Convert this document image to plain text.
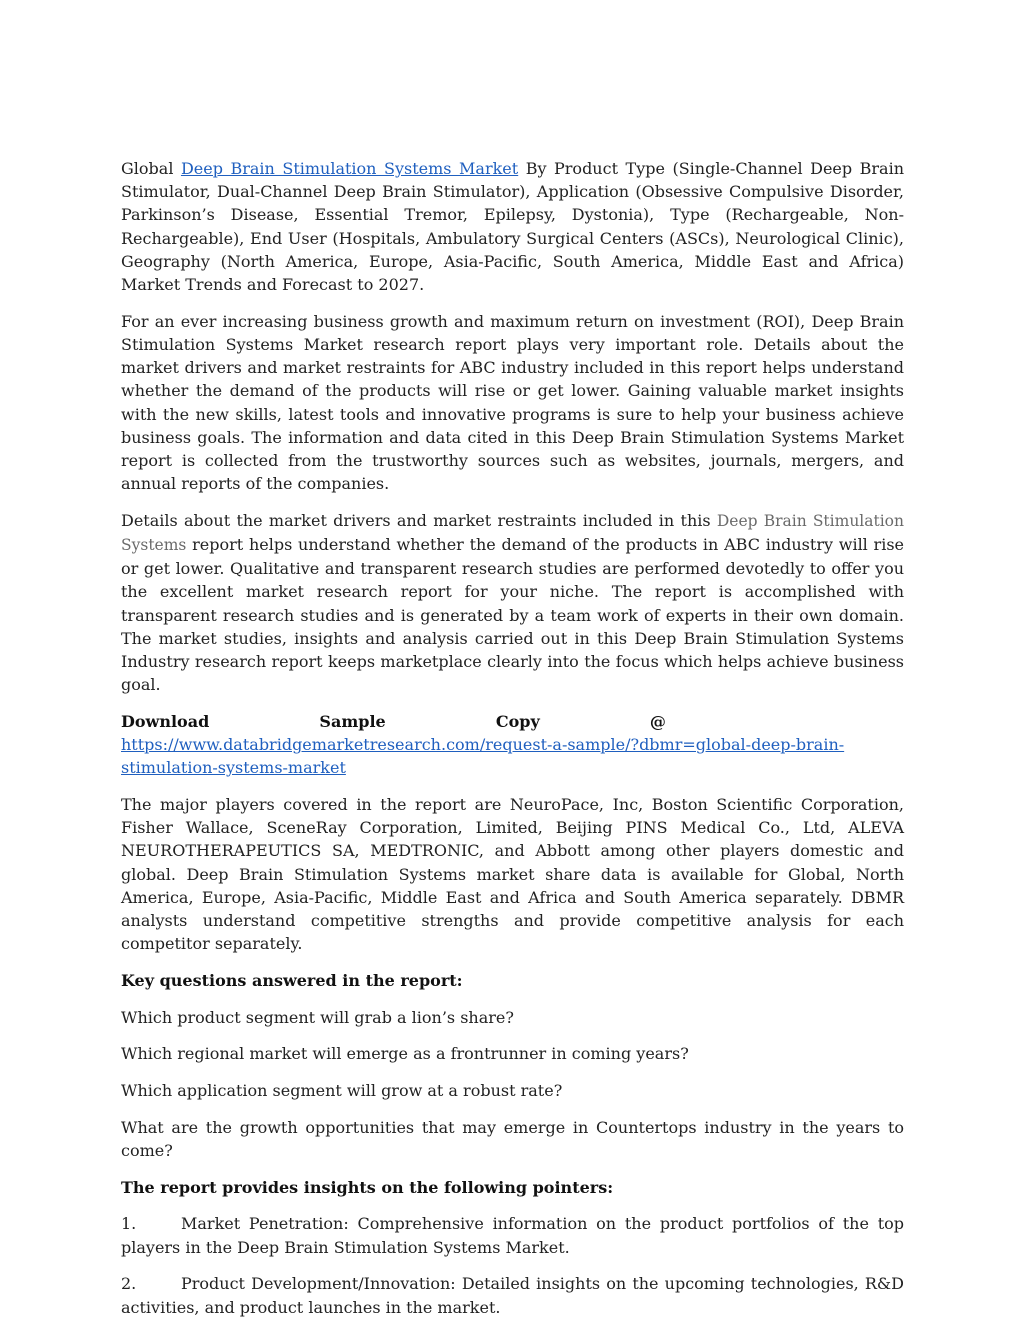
Global Deep Brain Stimulation Systems Market By Product Type (Single-Channel Deep Brain Stimulator, Dual-Channel Deep Brain Stimulator), Application (Obsessive Compulsive Disorder, Parkinson’s Disease, Essential Tremor, Epilepsy, Dystonia), Type (Rechargeable, Non-Rechargeable), End User (Hospitals, Ambulatory Surgical Centers (ASCs), Neurological Clinic), Geography (North America, Europe, Asia-Pacific, South America, Middle East and Africa) Market Trends and Forecast to 2027.

For an ever increasing business growth and maximum return on investment (ROI), Deep Brain Stimulation Systems Market research report plays very important role. Details about the market drivers and market restraints for ABC industry included in this report helps understand whether the demand of the products will rise or get lower. Gaining valuable market insights with the new skills, latest tools and innovative programs is sure to help your business achieve business goals. The information and data cited in this Deep Brain Stimulation Systems Market report is collected from the trustworthy sources such as websites, journals, mergers, and annual reports of the companies.

Details about the market drivers and market restraints included in this Deep Brain Stimulation Systems report helps understand whether the demand of the products in ABC industry will rise or get lower. Qualitative and transparent research studies are performed devotedly to offer you the excellent market research report for your niche. The report is accomplished with transparent research studies and is generated by a team work of experts in their own domain. The market studies, insights and analysis carried out in this Deep Brain Stimulation Systems Industry research report keeps marketplace clearly into the focus which helps achieve business goal.

Download Sample Copy @     https://www.databridgemarketresearch.com/request-a-sample/?dbmr=global-deep-brain-stimulation-systems-market

The major players covered in the report are NeuroPace, Inc, Boston Scientific Corporation, Fisher Wallace, SceneRay Corporation, Limited, Beijing PINS Medical Co., Ltd, ALEVA NEUROTHERAPEUTICS SA, MEDTRONIC, and Abbott among other players domestic and global. Deep Brain Stimulation Systems market share data is available for Global, North America, Europe, Asia-Pacific, Middle East and Africa and South America separately. DBMR analysts understand competitive strengths and provide competitive analysis for each competitor separately.

Key questions answered in the report:

Which product segment will grab a lion’s share?

Which regional market will emerge as a frontrunner in coming years?

Which application segment will grow at a robust rate?

What are the growth opportunities that may emerge in Countertops industry in the years to come?

The report provides insights on the following pointers:

1.	Market Penetration: Comprehensive information on the product portfolios of the top players in the Deep Brain Stimulation Systems Market.

2.	Product Development/Innovation: Detailed insights on the upcoming technologies, R&D activities, and product launches in the market.
